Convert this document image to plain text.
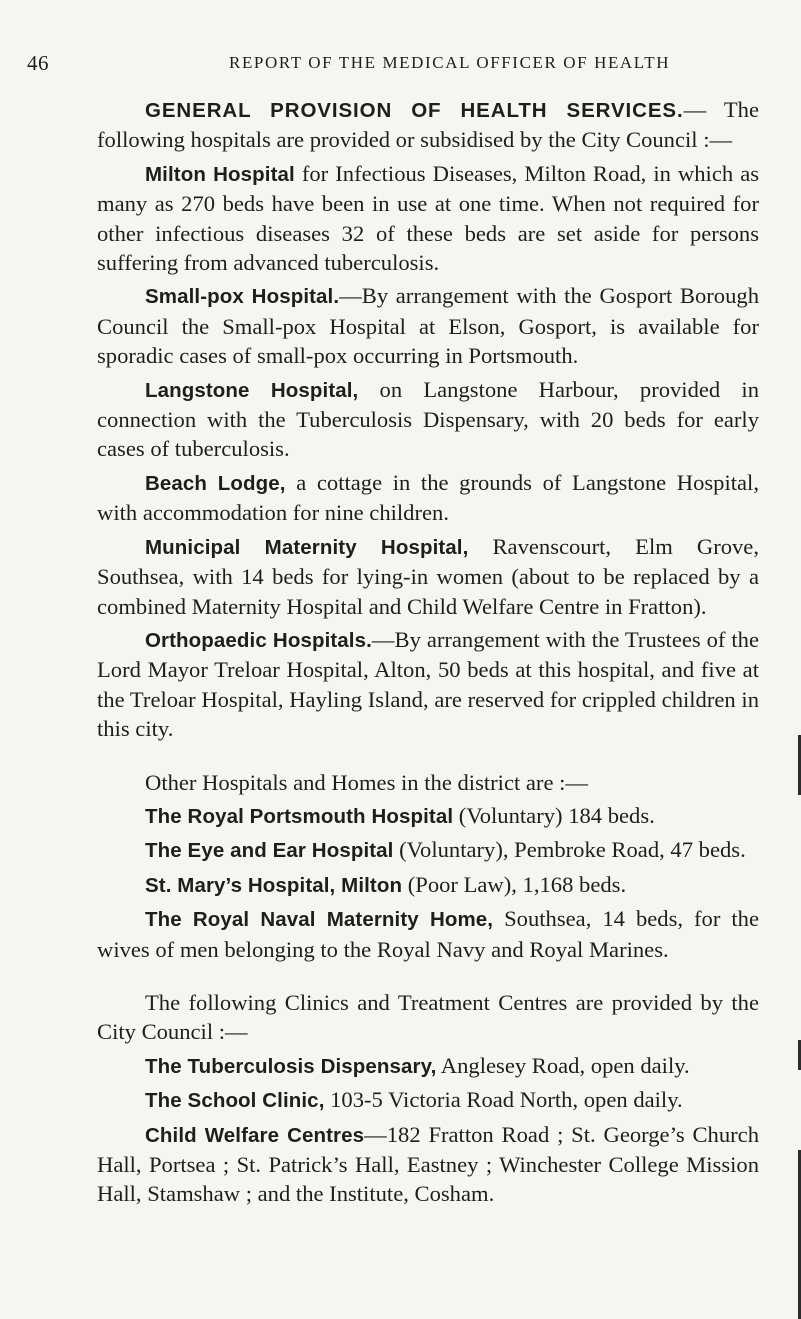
46	REPORT OF THE MEDICAL OFFICER OF HEALTH

GENERAL PROVISION OF HEALTH SERVICES.— The following hospitals are provided or subsidised by the City Council :—

Milton Hospital for Infectious Diseases, Milton Road, in which as many as 270 beds have been in use at one time. When not required for other infectious diseases 32 of these beds are set aside for persons suffering from advanced tuberculosis.

Small-pox Hospital.—By arrangement with the Gosport Borough Council the Small-pox Hospital at Elson, Gosport, is available for sporadic cases of small-pox occurring in Portsmouth.

Langstone Hospital, on Langstone Harbour, provided in connection with the Tuberculosis Dispensary, with 20 beds for early cases of tuberculosis.

Beach Lodge, a cottage in the grounds of Langstone Hospital, with accommodation for nine children.

Municipal Maternity Hospital, Ravenscourt, Elm Grove, Southsea, with 14 beds for lying-in women (about to be replaced by a combined Maternity Hospital and Child Welfare Centre in Fratton).

Orthopaedic Hospitals.—By arrangement with the Trustees of the Lord Mayor Treloar Hospital, Alton, 50 beds at this hospital, and five at the Treloar Hospital, Hayling Island, are reserved for crippled children in this city.

Other Hospitals and Homes in the district are :—

The Royal Portsmouth Hospital (Voluntary) 184 beds.

The Eye and Ear Hospital (Voluntary), Pembroke Road, 47 beds.

St. Mary’s Hospital, Milton (Poor Law), 1,168 beds.

The Royal Naval Maternity Home, Southsea, 14 beds, for the wives of men belonging to the Royal Navy and Royal Marines.

The following Clinics and Treatment Centres are provided by the City Council :—

The Tuberculosis Dispensary, Anglesey Road, open daily.

The School Clinic, 103-5 Victoria Road North, open daily.

Child Welfare Centres—182 Fratton Road ; St. George’s Church Hall, Portsea ; St. Patrick’s Hall, Eastney ; Winchester College Mission Hall, Stamshaw ; and the Institute, Cosham.
